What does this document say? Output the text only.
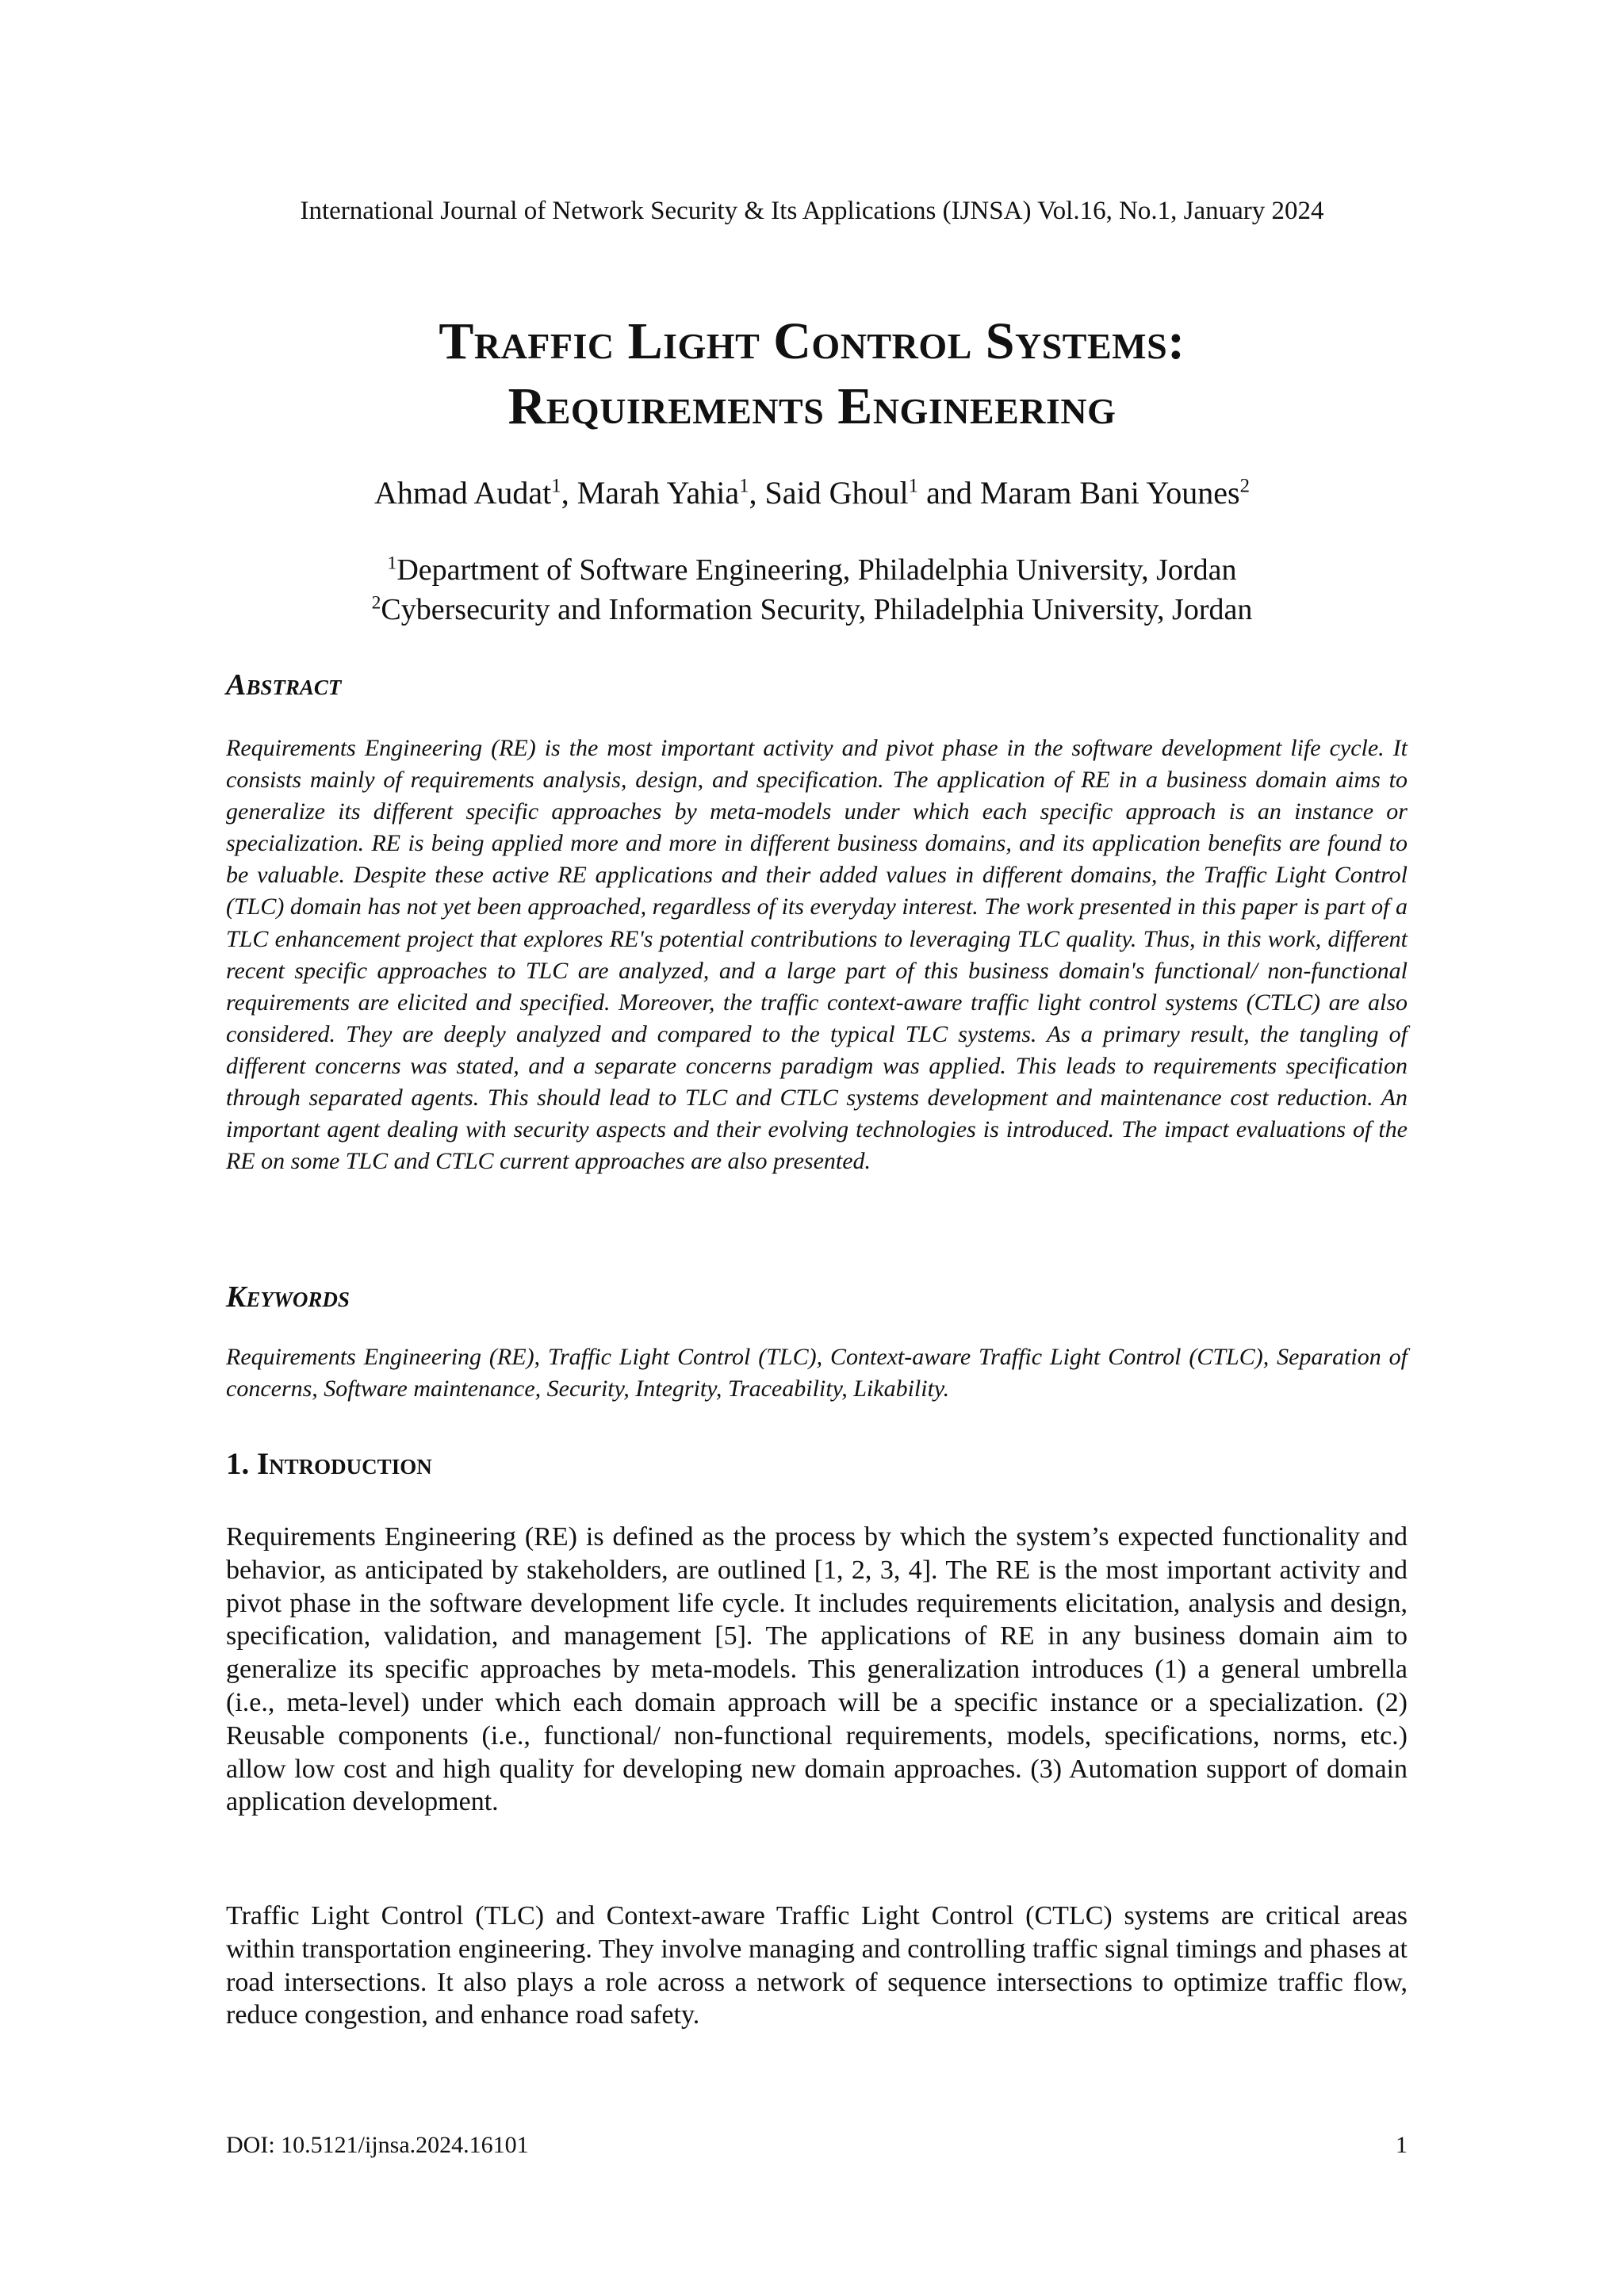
International Journal of Network Security & Its Applications (IJNSA) Vol.16, No.1, January 2024
Traffic Light Control Systems:
Requirements Engineering
Ahmad Audat$^1$, Marah Yahia$^1$, Said Ghoul$^1$ and Maram Bani Younes$^2$
$^1$Department of Software Engineering, Philadelphia University, Jordan
$^2$Cybersecurity and Information Security, Philadelphia University, Jordan
Abstract

Requirements Engineering (RE) is the most important activity and pivot phase in the software development life cycle. It consists mainly of requirements analysis, design, and specification. The application of RE in a business domain aims to generalize its different specific approaches by meta-models under which each specific approach is an instance or specialization. RE is being applied more and more in different business domains, and its application benefits are found to be valuable. Despite these active RE applications and their added values in different domains, the Traffic Light Control (TLC) domain has not yet been approached, regardless of its everyday interest. The work presented in this paper is part of a TLC enhancement project that explores RE's potential contributions to leveraging TLC quality. Thus, in this work, different recent specific approaches to TLC are analyzed, and a large part of this business domain's functional/ non-functional requirements are elicited and specified. Moreover, the traffic context-aware traffic light control systems (CTLC) are also considered. They are deeply analyzed and compared to the typical TLC systems. As a primary result, the tangling of different concerns was stated, and a separate concerns paradigm was applied. This leads to requirements specification through separated agents. This should lead to TLC and CTLC systems development and maintenance cost reduction. An important agent dealing with security aspects and their evolving technologies is introduced. The impact evaluations of the RE on some TLC and CTLC current approaches are also presented.

Keywords

Requirements Engineering (RE), Traffic Light Control (TLC), Context-aware Traffic Light Control (CTLC), Separation of concerns, Software maintenance, Security, Integrity, Traceability, Likability.

1. Introduction

Requirements Engineering (RE) is defined as the process by which the system’s expected functionality and behavior, as anticipated by stakeholders, are outlined [1, 2, 3, 4]. The RE is the most important activity and pivot phase in the software development life cycle. It includes requirements elicitation, analysis and design, specification, validation, and management [5]. The applications of RE in any business domain aim to generalize its specific approaches by meta-models. This generalization introduces (1) a general umbrella (i.e., meta-level) under which each domain approach will be a specific instance or a specialization. (2) Reusable components (i.e., functional/ non-functional requirements, models, specifications, norms, etc.) allow low cost and high quality for developing new domain approaches. (3) Automation support of domain application development.

Traffic Light Control (TLC) and Context-aware Traffic Light Control (CTLC) systems are critical areas within transportation engineering. They involve managing and controlling traffic signal timings and phases at road intersections. It also plays a role across a network of sequence intersections to optimize traffic flow, reduce congestion, and enhance road safety.

DOI: 10.5121/ijnsa.2024.16101	1
